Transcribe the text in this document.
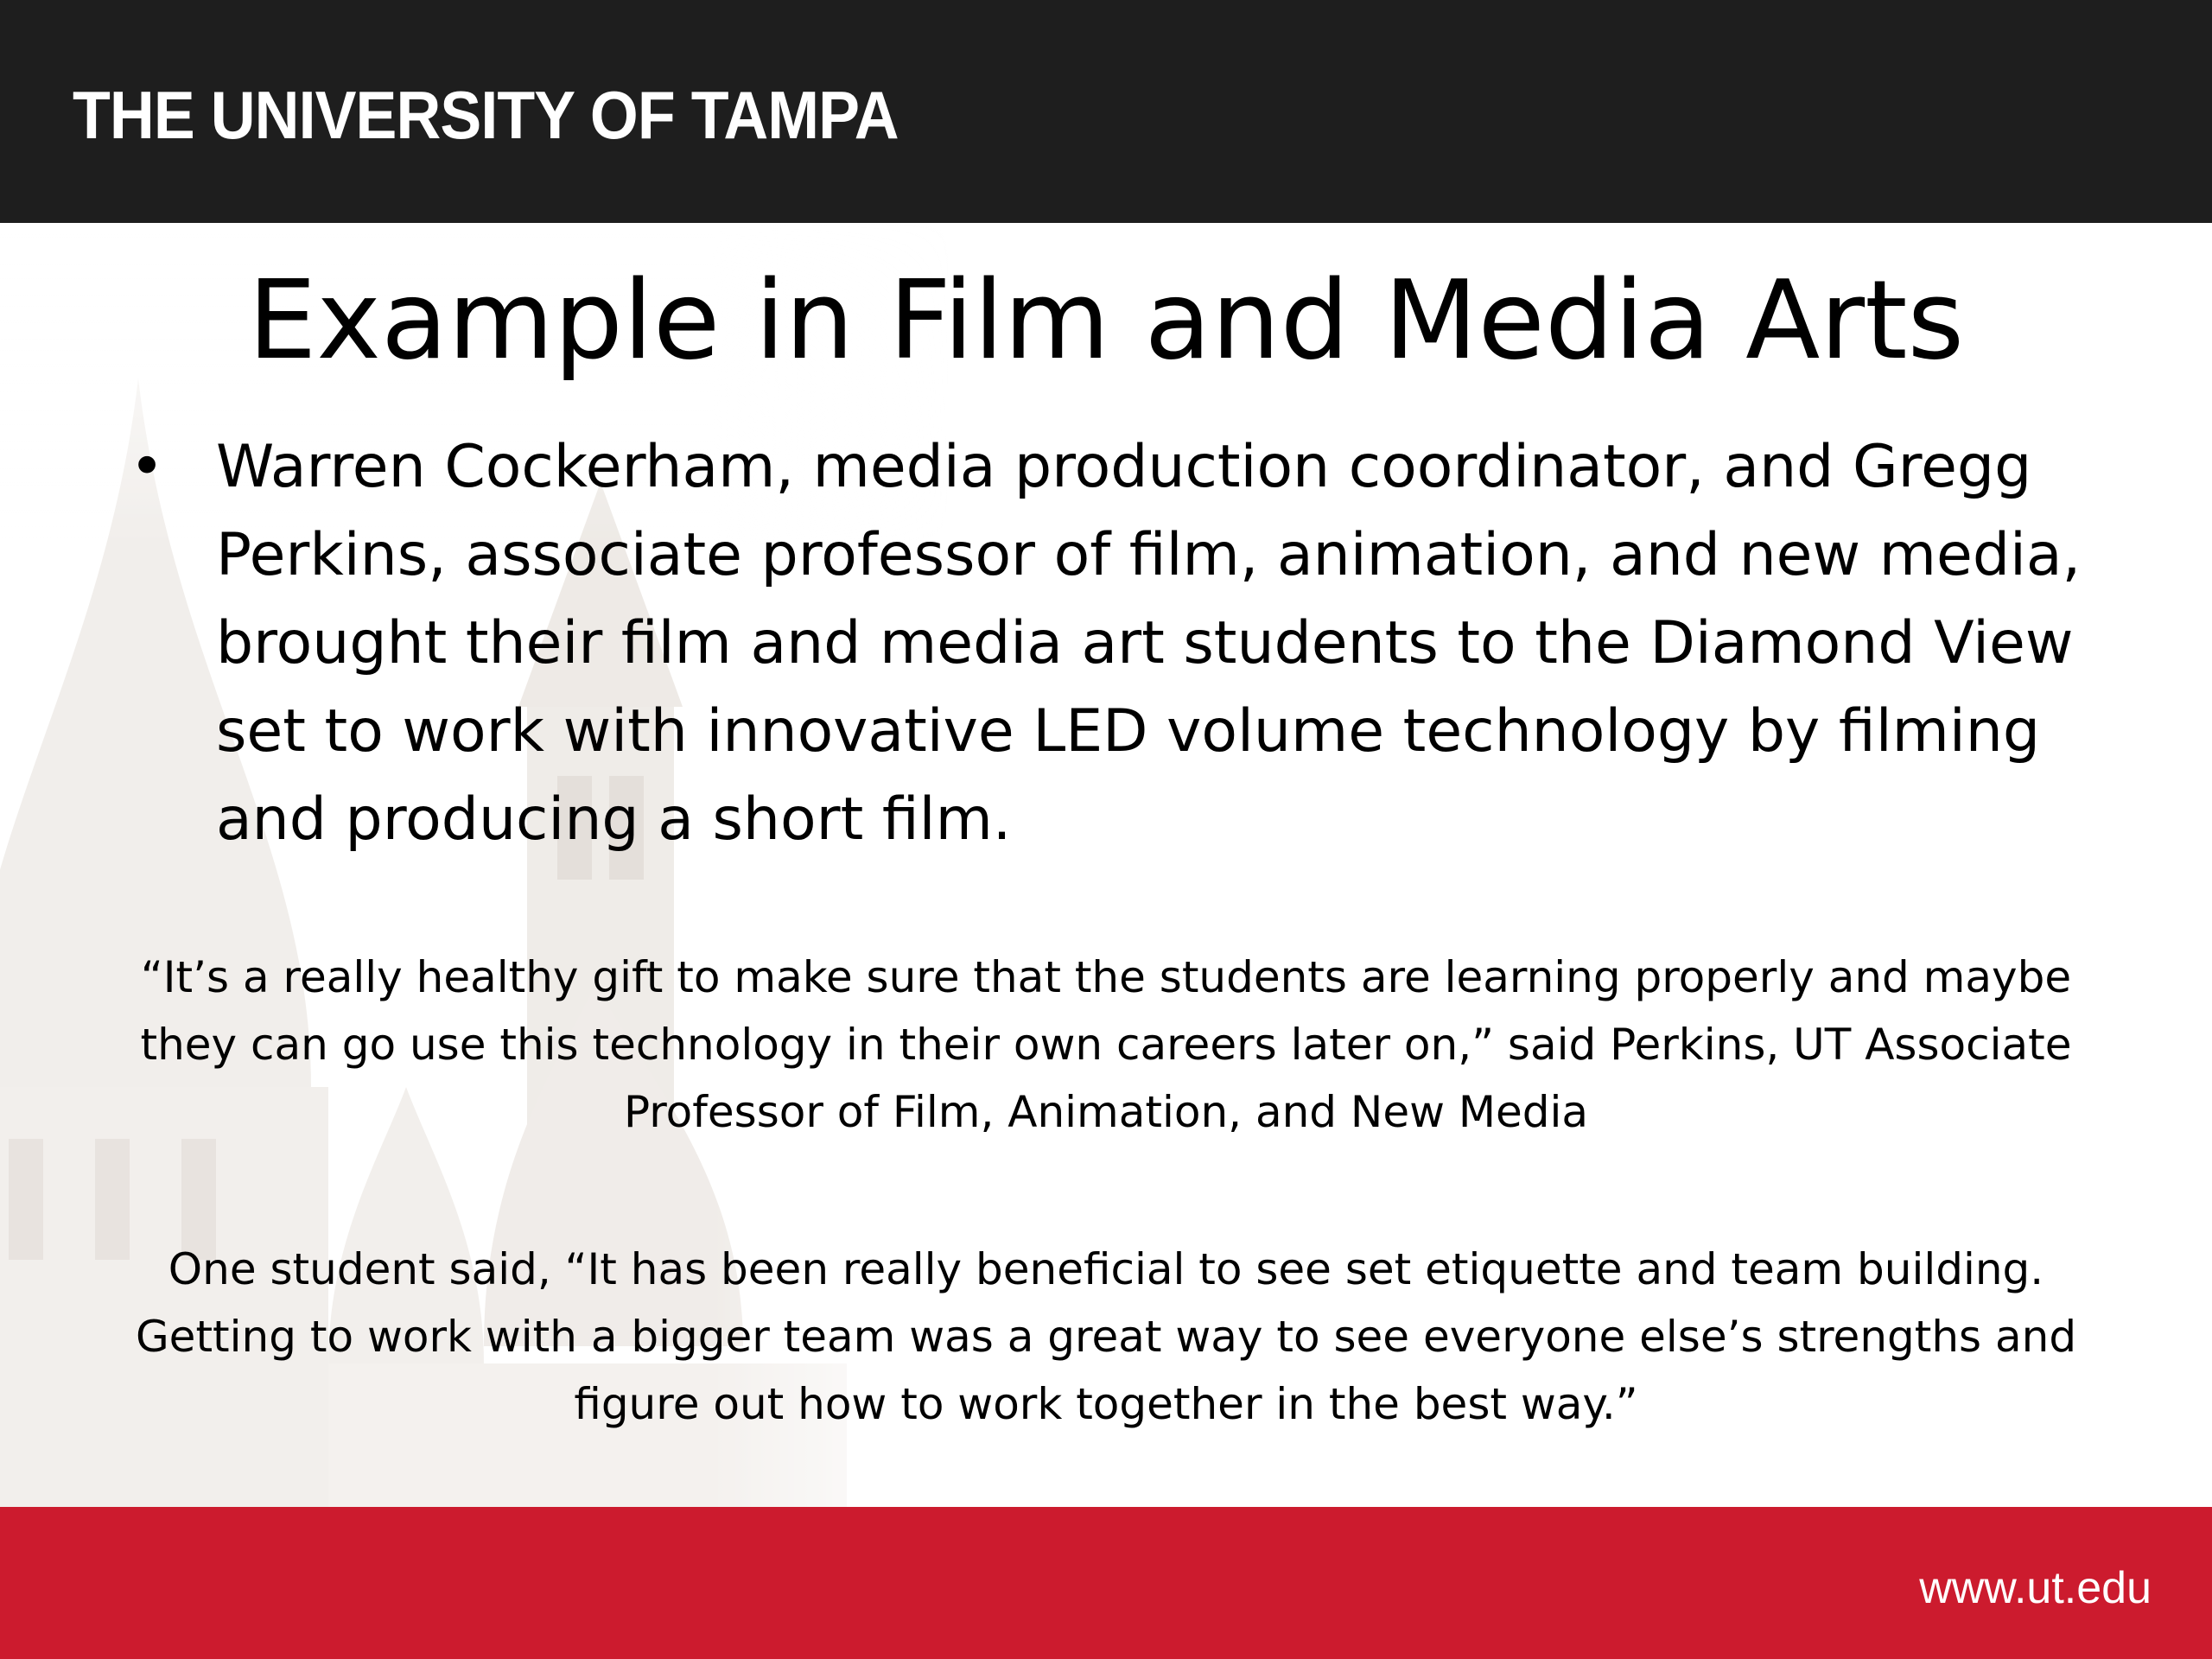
THE UNIVERSITY OF TAMPA
Example in Film and Media Arts
• Warren Cockerham, media production coordinator, and Gregg Perkins, associate professor of film, animation, and new media, brought their film and media art students to the Diamond View set to work with innovative LED volume technology by filming and producing a short film.
“It’s a really healthy gift to make sure that the students are learning properly and maybe they can go use this technology in their own careers later on,” said Perkins, UT Associate Professor of Film, Animation, and New Media
One student said, “It has been really beneficial to see set etiquette and team building. Getting to work with a bigger team was a great way to see everyone else’s strengths and figure out how to work together in the best way.”
www.ut.edu
